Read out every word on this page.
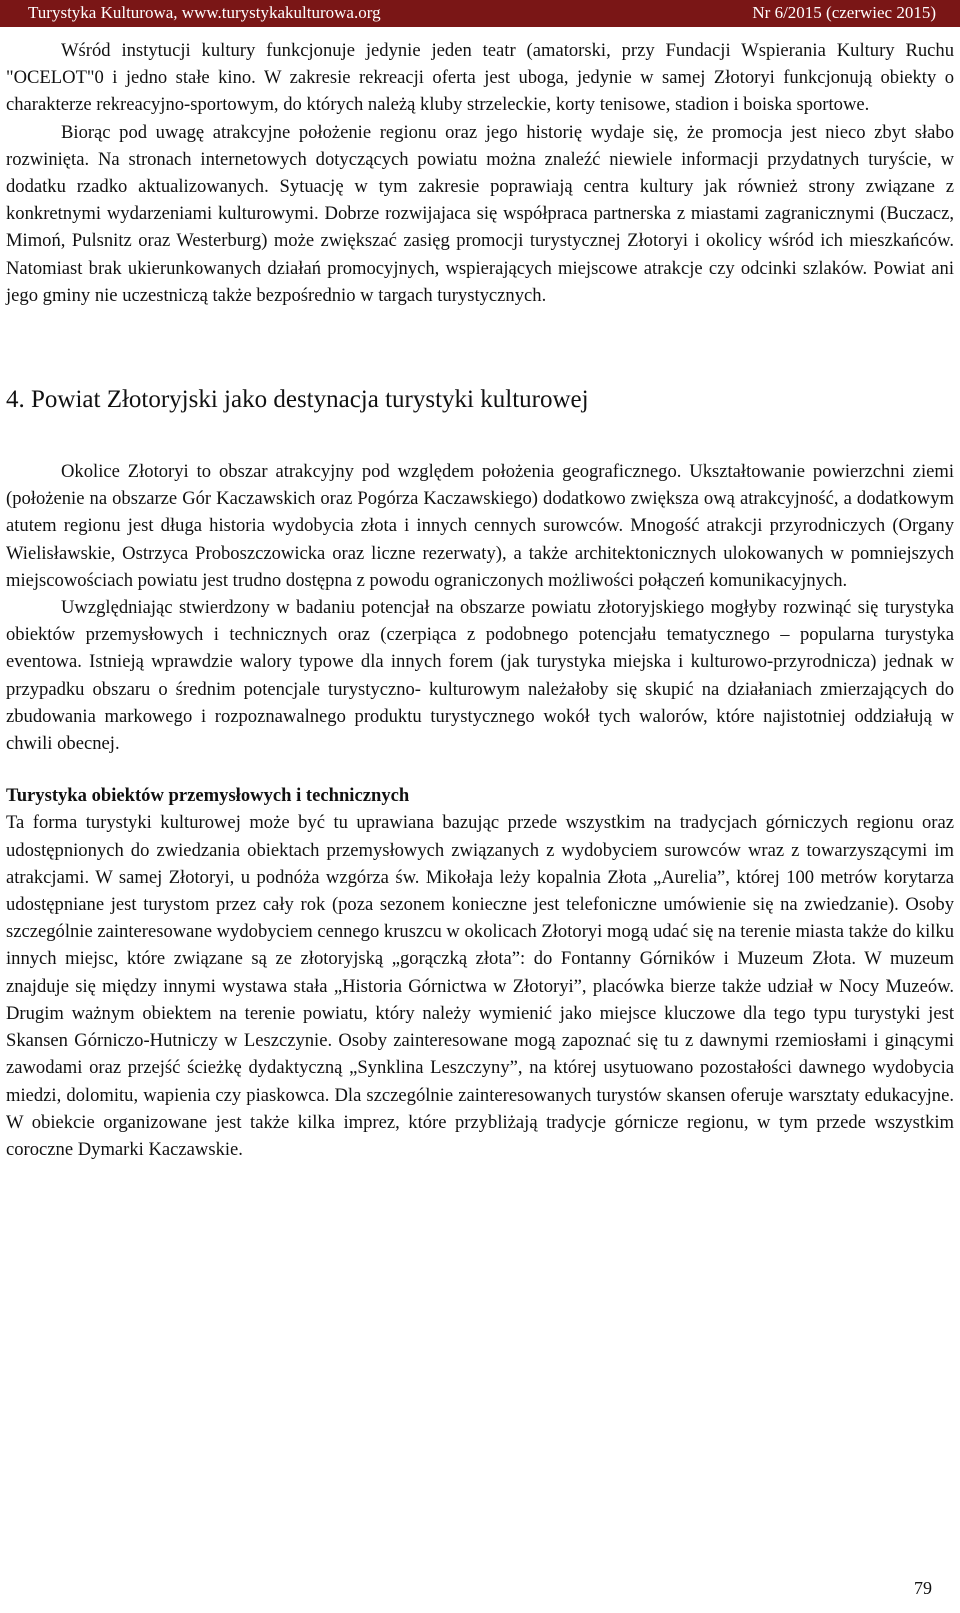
Turystyka Kulturowa, www.turystykakulturowa.org	Nr 6/2015 (czerwiec 2015)

Wśród instytucji kultury funkcjonuje jedynie jeden teatr (amatorski, przy Fundacji Wspierania Kultury Ruchu "OCELOT"0 i jedno stałe kino. W zakresie rekreacji oferta jest uboga, jedynie w samej Złotoryi funkcjonują obiekty o charakterze rekreacyjno-sportowym, do których należą kluby strzeleckie, korty tenisowe, stadion i boiska sportowe.

Biorąc pod uwagę atrakcyjne położenie regionu oraz jego historię wydaje się, że promocja jest nieco zbyt słabo rozwinięta. Na stronach internetowych dotyczących powiatu można znaleźć niewiele informacji przydatnych turyście, w dodatku rzadko aktualizowanych. Sytuację w tym zakresie poprawiają centra kultury jak również strony związane z konkretnymi wydarzeniami kulturowymi. Dobrze rozwijajaca się współpraca partnerska z miastami zagranicznymi (Buczacz, Mimoń, Pulsnitz oraz Westerburg) może zwiększać zasięg promocji turystycznej Złotoryi i okolicy wśród ich mieszkańców. Natomiast brak ukierunkowanych działań promocyjnych, wspierających miejscowe atrakcje czy odcinki szlaków. Powiat ani jego gminy nie uczestniczą także bezpośrednio w targach turystycznych.

4. Powiat Złotoryjski jako destynacja turystyki kulturowej

Okolice Złotoryi to obszar atrakcyjny pod względem położenia geograficznego. Ukształtowanie powierzchni ziemi (położenie na obszarze Gór Kaczawskich oraz Pogórza Kaczawskiego) dodatkowo zwiększa ową atrakcyjność, a dodatkowym atutem regionu jest długa historia wydobycia złota i innych cennych surowców. Mnogość atrakcji przyrodniczych (Organy Wielisławskie, Ostrzyca Proboszczowicka oraz liczne rezerwaty), a także architektonicznych ulokowanych w pomniejszych miejscowościach powiatu jest trudno dostępna z powodu ograniczonych możliwości połączeń komunikacyjnych.

Uwzględniając stwierdzony w badaniu potencjał na obszarze powiatu złotoryjskiego mogłyby rozwinąć się turystyka obiektów przemysłowych i technicznych oraz (czerpiąca z podobnego potencjału tematycznego – popularna turystyka eventowa. Istnieją wprawdzie walory typowe dla innych forem (jak turystyka miejska i kulturowo-przyrodnicza) jednak w przypadku obszaru o średnim potencjale turystyczno- kulturowym należałoby się skupić na działaniach zmierzających do zbudowania markowego i rozpoznawalnego produktu turystycznego wokół tych walorów, które najistotniej oddziałują w chwili obecnej.

Turystyka obiektów przemysłowych i technicznych

Ta forma turystyki kulturowej może być tu uprawiana bazując przede wszystkim na tradycjach górniczych regionu oraz udostępnionych do zwiedzania obiektach przemysłowych związanych z wydobyciem surowców wraz z towarzyszącymi im atrakcjami. W samej Złotoryi, u podnóża wzgórza św. Mikołaja leży kopalnia Złota „Aurelia”, której 100 metrów korytarza udostępniane jest turystom przez cały rok (poza sezonem konieczne jest telefoniczne umówienie się na zwiedzanie). Osoby szczególnie zainteresowane wydobyciem cennego kruszcu w okolicach Złotoryi mogą udać się na terenie miasta także do kilku innych miejsc, które związane są ze złotoryjską „gorączką złota”: do Fontanny Górników i Muzeum Złota. W muzeum znajduje się między innymi wystawa stała „Historia Górnictwa w Złotoryi”, placówka bierze także udział w Nocy Muzeów. Drugim ważnym obiektem na terenie powiatu, który należy wymienić jako miejsce kluczowe dla tego typu turystyki jest Skansen Górniczo-Hutniczy w Leszczynie. Osoby zainteresowane mogą zapoznać się tu z dawnymi rzemiosłami i ginącymi zawodami oraz przejść ścieżkę dydaktyczną „Synklina Leszczyny”, na której usytuowano pozostałości dawnego wydobycia miedzi, dolomitu, wapienia czy piaskowca. Dla szczególnie zainteresowanych turystów skansen oferuje warsztaty edukacyjne. W obiekcie organizowane jest także kilka imprez, które przybliżają tradycje górnicze regionu, w tym przede wszystkim coroczne Dymarki Kaczawskie.

79
